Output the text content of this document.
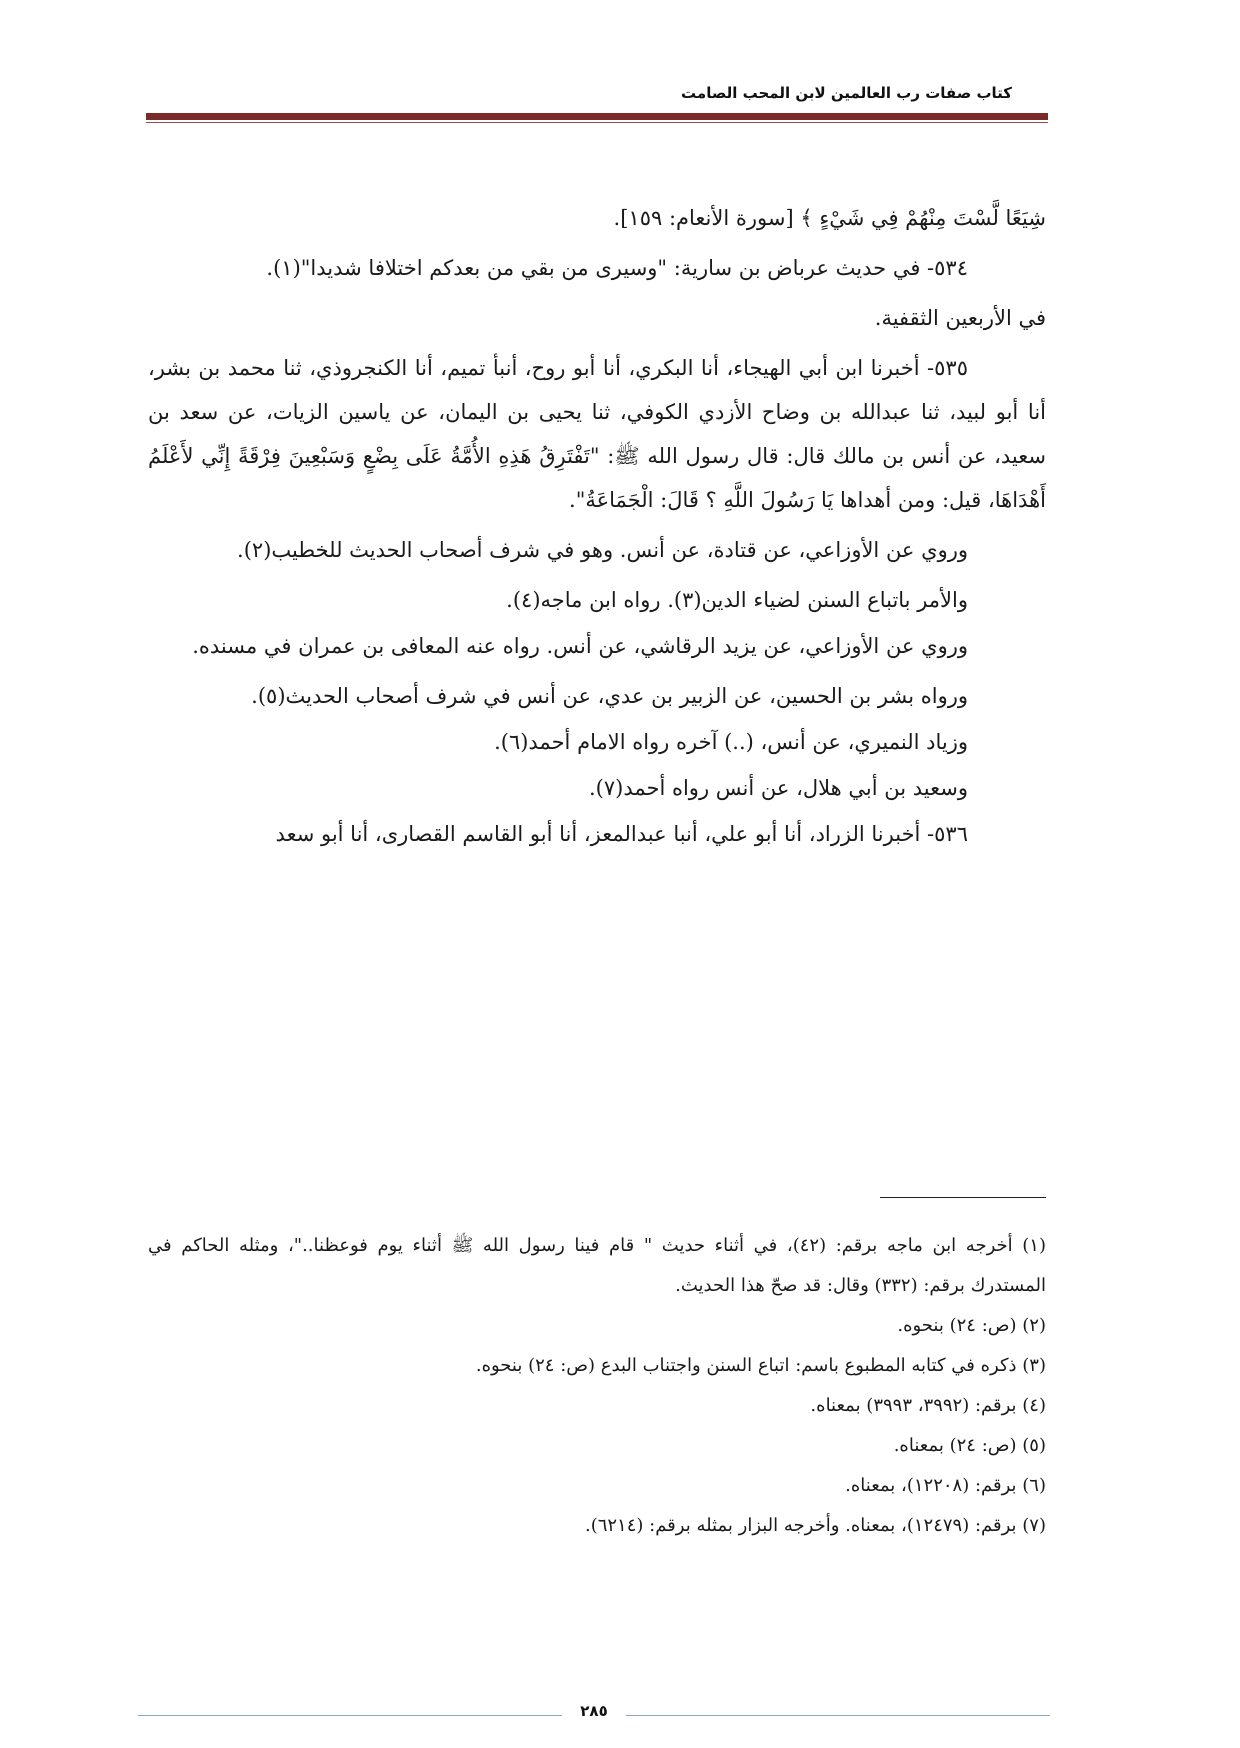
كتاب صفات رب العالمين لابن المحب الصامت

شِيَعًا لَّسْتَ مِنْهُمْ فِي شَيْءٍ ﴾ [سورة الأنعام: ١٥٩].

٥٣٤- في حديث عرباض بن سارية: "وسيرى من بقي من بعدكم اختلافا شديدا"(١).

في الأربعين الثقفية.

٥٣٥- أخبرنا ابن أبي الهيجاء، أنا البكري، أنا أبو روح، أنبأ تميم، أنا الكنجروذي، ثنا محمد بن بشر، أنا أبو لبيد، ثنا عبدالله بن وضاح الأزدي الكوفي، ثنا يحيى بن اليمان، عن ياسين الزيات، عن سعد بن سعيد، عن أنس بن مالك قال: قال رسول الله ﷺ: "تَفْتَرِقُ هَذِهِ الأُمَّةُ عَلَى بِضْعٍ وَسَبْعِينَ فِرْقَةً إِنِّي لأَعْلَمُ أَهْدَاهَا، قيل: ومن أهداها يَا رَسُولَ اللَّهِ ؟ قَالَ: الْجَمَاعَةُ".

وروي عن الأوزاعي، عن قتادة، عن أنس. وهو في شرف أصحاب الحديث للخطيب(٢).

والأمر باتباع السنن لضياء الدين(٣). رواه ابن ماجه(٤).

وروي عن الأوزاعي، عن يزيد الرقاشي، عن أنس. رواه عنه المعافى بن عمران في مسنده.

ورواه بشر بن الحسين، عن الزبير بن عدي، عن أنس في شرف أصحاب الحديث(٥).

وزياد النميري، عن أنس، (..) آخره رواه الامام أحمد(٦).

وسعيد بن أبي هلال، عن أنس رواه أحمد(٧).

٥٣٦- أخبرنا الزراد، أنا أبو علي، أنبا عبدالمعز، أنا أبو القاسم القصارى، أنا أبو سعد

(١) أخرجه ابن ماجه برقم: (٤٢)، في أثناء حديث " قام فينا رسول الله ﷺ أثناء يوم فوعظنا.."، ومثله الحاكم في المستدرك برقم: (٣٣٢) وقال: قد صحّ هذا الحديث.

(٢) (ص: ٢٤) بنحوه.

(٣) ذكره في كتابه المطبوع باسم: اتباع السنن واجتناب البدع (ص: ٢٤) بنحوه.

(٤) برقم: (٣٩٩٢، ٣٩٩٣) بمعناه.

(٥) (ص: ٢٤) بمعناه.

(٦) برقم: (١٢٢٠٨)، بمعناه.

(٧) برقم: (١٢٤٧٩)، بمعناه. وأخرجه البزار بمثله برقم: (٦٢١٤).

٢٨٥
